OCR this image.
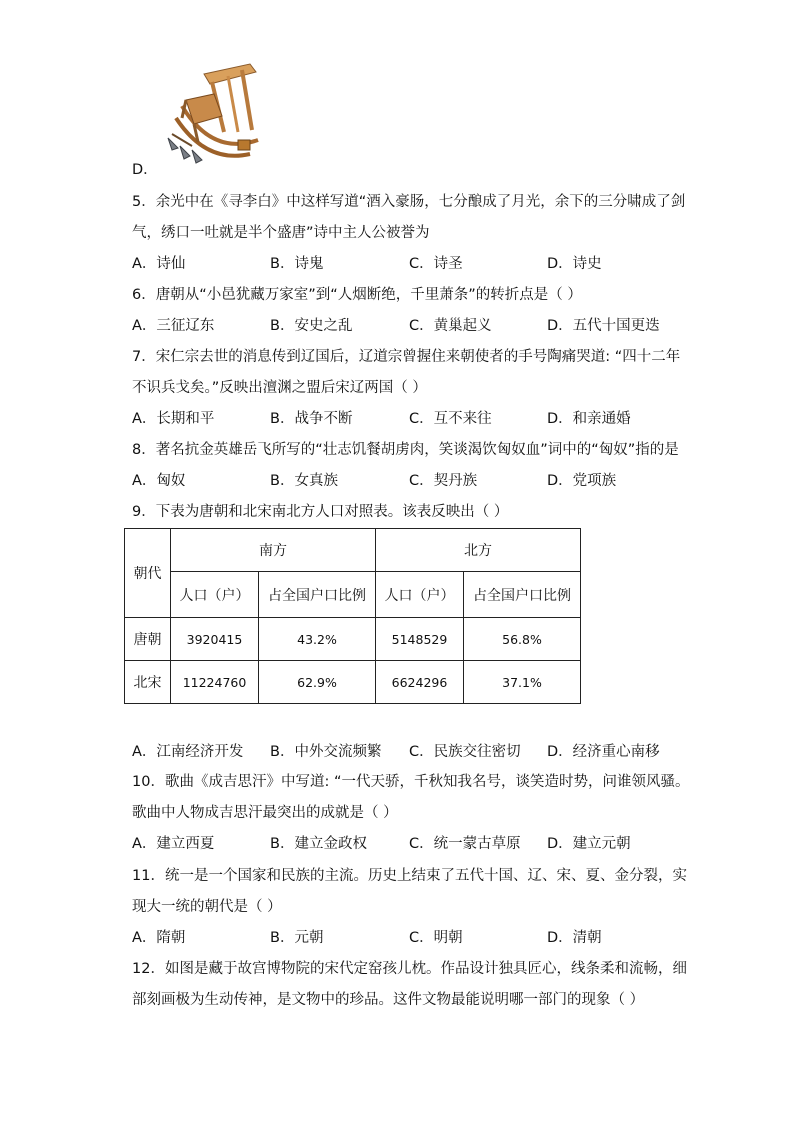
D．
5．余光中在《寻李白》中这样写道“酒入豪肠，七分酿成了月光，余下的三分啸成了剑
气，绣口一吐就是半个盛唐”诗中主人公被誉为
A．诗仙	B．诗鬼	C．诗圣	D．诗史
6．唐朝从“小邑犹藏万家室”到“人烟断绝，千里萧条”的转折点是（ ）
A．三征辽东	B．安史之乱	C．黄巢起义	D．五代十国更迭
7．宋仁宗去世的消息传到辽国后，辽道宗曾握住来朝使者的手号陶痛哭道: “四十二年
不识兵戈矣。”反映出澶渊之盟后宋辽两国（ ）
A．长期和平	B．战争不断	C．互不来往	D．和亲通婚
8．著名抗金英雄岳飞所写的“壮志饥餐胡虏肉，笑谈渴饮匈奴血”词中的“匈奴”指的是
A．匈奴	B．女真族	C．契丹族	D．党项族
9．下表为唐朝和北宋南北方人口对照表。该表反映出（ ）
朝代	南方		北方	
	人口（户）	占全国户口比例	人口（户）	占全国户口比例
唐朝	3920415	43.2%	5148529	56.8%
北宋	11224760	62.9%	6624296	37.1%
A．江南经济开发 B．中外交流频繁 C．民族交往密切 D．经济重心南移
10．歌曲《成吉思汗》中写道: “一代天骄，千秋知我名号，谈笑造时势，问谁领风骚。
歌曲中人物成吉思汗最突出的成就是（ ）
A．建立西夏	B．建立金政权	C．统一蒙古草原 D．建立元朝
11．统一是一个国家和民族的主流。历史上结束了五代十国、辽、宋、夏、金分裂，实
现大一统的朝代是（ ）
A．隋朝	B．元朝	C．明朝	D．清朝
12．如图是藏于故宫博物院的宋代定窑孩儿枕。作品设计独具匠心，线条柔和流畅，细
部刻画极为生动传神，是文物中的珍品。这件文物最能说明哪一部门的现象（ ）
